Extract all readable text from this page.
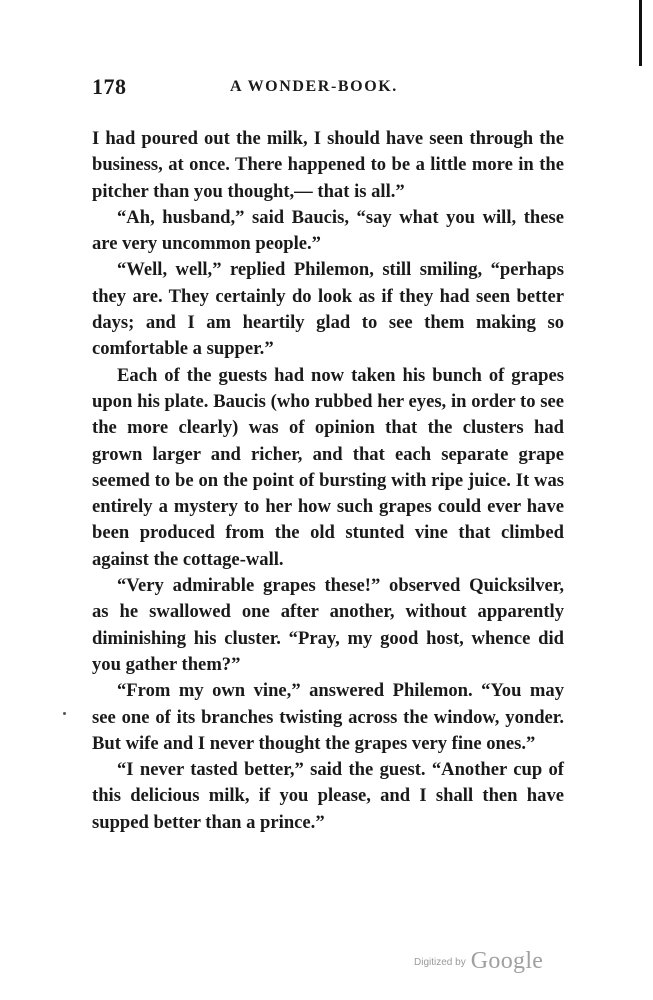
178	A WONDER-BOOK.

I had poured out the milk, I should have seen through the business, at once. There happened to be a little more in the pitcher than you thought,— that is all.”

“Ah, husband,” said Baucis, “say what you will, these are very uncommon people.”

“Well, well,” replied Philemon, still smiling, “perhaps they are. They certainly do look as if they had seen better days; and I am heartily glad to see them making so comfortable a supper.”

Each of the guests had now taken his bunch of grapes upon his plate. Baucis (who rubbed her eyes, in order to see the more clearly) was of opinion that the clusters had grown larger and richer, and that each separate grape seemed to be on the point of bursting with ripe juice. It was entirely a mystery to her how such grapes could ever have been produced from the old stunted vine that climbed against the cottage-wall.

“Very admirable grapes these!” observed Quicksilver, as he swallowed one after another, without apparently diminishing his cluster. “Pray, my good host, whence did you gather them?”

“From my own vine,” answered Philemon. “You may see one of its branches twisting across the window, yonder. But wife and I never thought the grapes very fine ones.”

“I never tasted better,” said the guest. “Another cup of this delicious milk, if you please, and I shall then have supped better than a prince.”

Digitized by Google
